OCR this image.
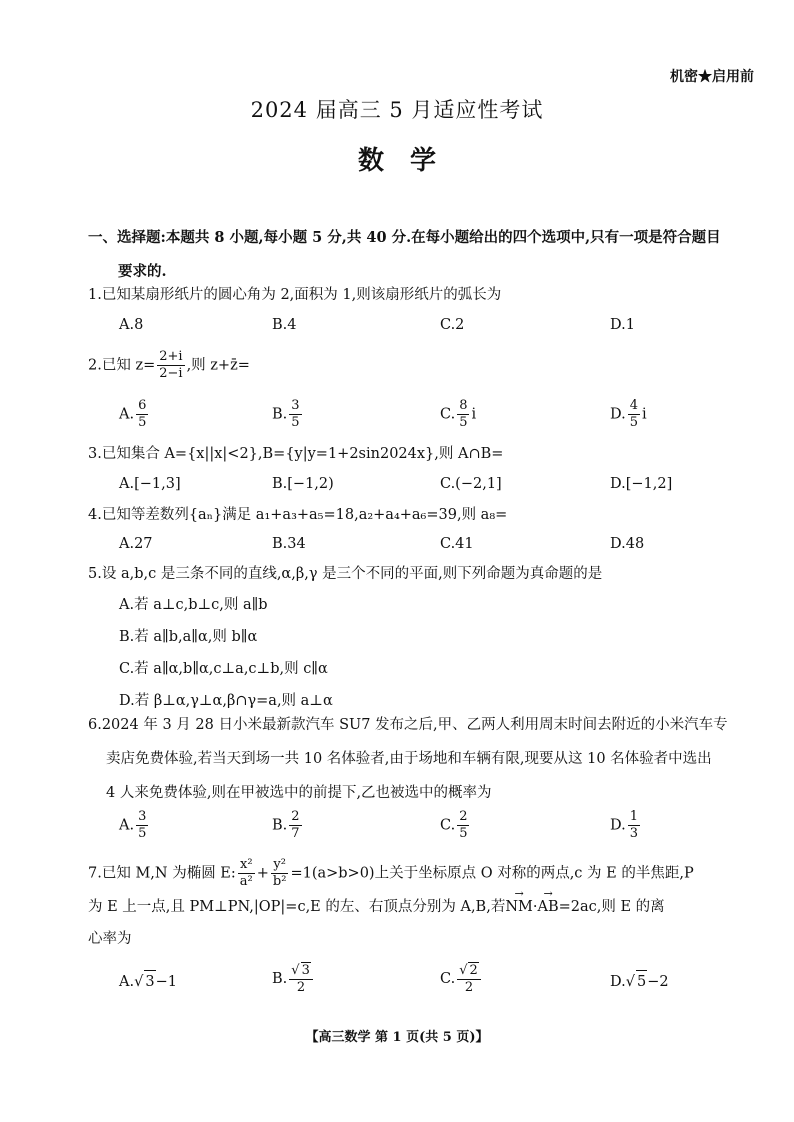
机密★启用前
2024 届高三 5 月适应性考试
数学
一、选择题:本题共 8 小题,每小题 5 分,共 40 分.在每小题给出的四个选项中,只有一项是符合题目
要求的.
1.已知某扇形纸片的圆心角为 2,面积为 1,则该扇形纸片的弧长为
A.8	B.4	C.2	D.1
2.已知 $z= \frac{2+i}{2-i}$ ,则 z+z̄=
A. $\frac{6}{5}$	B. $\frac{3}{5}$	C. $\frac{8}{5}$ i	D. $\frac{4}{5}$ i
3.已知集合 A={x||x|<2},B={y|y=1+2sin2024x},则 A∩B=
A.[−1,3]	B.[−1,2)	C.(−2,1]	D.[−1,2]
4.已知等差数列{aₙ}满足 a₁+a₃+a₅=18,a₂+a₄+a₆=39,则 a₈=
A.27	B.34	C.41	D.48
5.设 a,b,c 是三条不同的直线,α,β,γ 是三个不同的平面,则下列命题为真命题的是
A.若 a⊥c,b⊥c,则 a∥b
B.若 a∥b,a∥α,则 b∥α
C.若 a∥α,b∥α,c⊥a,c⊥b,则 c∥α
D.若 β⊥α,γ⊥α,β∩γ=a,则 a⊥α
6.2024 年 3 月 28 日小米最新款汽车 SU7 发布之后,甲、乙两人利用周末时间去附近的小米汽车专
卖店免费体验,若当天到场一共 10 名体验者,由于场地和车辆有限,现要从这 10 名体验者中选出
4 人来免费体验,则在甲被选中的前提下,乙也被选中的概率为
A. $\frac{3}{5}$	B. $\frac{2}{7}$	C. $\frac{2}{5}$	D. $\frac{1}{3}$
7.已知 M,N 为椭圆 E: $\frac{\text{x²}}{\text{a²}} + \frac{\text{y²}}{\text{b²}} =1(a>b>0)$上关于坐标原点 O 对称的两点,c 为 E 的半焦距,P
为 E 上一点,且 PM⊥PN,|OP|=c,E 的左、右顶点分别为 A,B,若→ NM·→ AB=2ac,则 E 的离
心率为
A.√ 3−1	B. $\frac{√ 3}{2}$	C. $\frac{√ 2}{2}$	D.√ 5−2
【高三数学 第 1 页(共 5 页)】
